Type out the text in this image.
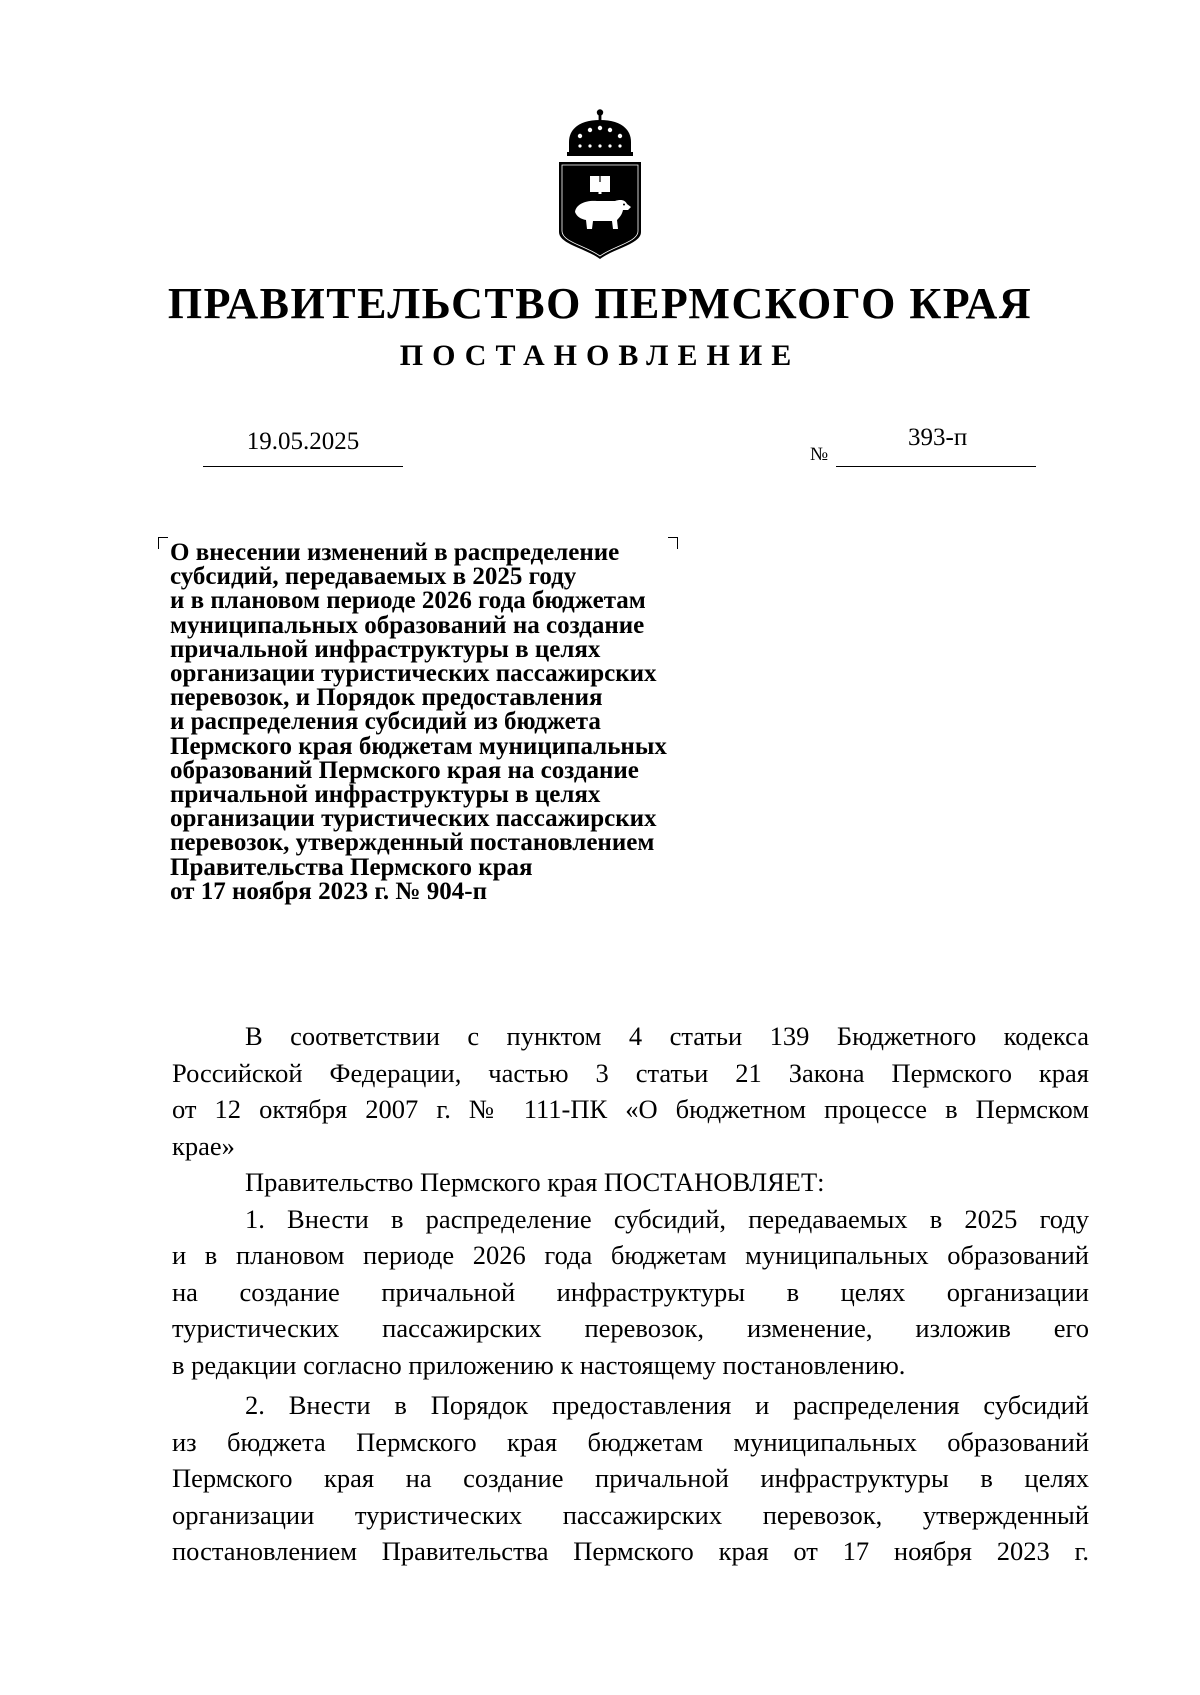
ПРАВИТЕЛЬСТВО ПЕРМСКОГО КРАЯ
ПОСТАНОВЛЕНИЕ
19.05.2025	№
393-п
О внесении изменений в распределение
субсидий, передаваемых в 2025 году
и в плановом периоде 2026 года бюджетам
муниципальных образований на создание
причальной инфраструктуры в целях
организации туристических пассажирских
перевозок, и Порядок предоставления
и распределения субсидий из бюджета
Пермского края бюджетам муниципальных
образований Пермского края на создание
причальной инфраструктуры в целях
организации туристических пассажирских
перевозок, утвержденный постановлением
Правительства Пермского края
от 17 ноября 2023 г. № 904-п
В соответствии с пунктом 4 статьи 139 Бюджетного кодекса
Российской Федерации, частью 3 статьи 21 Закона Пермского края
от 12 октября 2007 г. № 111-ПК «О бюджетном процессе в Пермском
крае»
Правительство Пермского края ПОСТАНОВЛЯЕТ:
1. Внести в распределение субсидий, передаваемых в 2025 году
и в плановом периоде 2026 года бюджетам муниципальных образований
на создание причальной инфраструктуры в целях организации
туристических пассажирских перевозок, изменение, изложив его
в редакции согласно приложению к настоящему постановлению.
2. Внести в Порядок предоставления и распределения субсидий
из бюджета Пермского края бюджетам муниципальных образований
Пермского края на создание причальной инфраструктуры в целях
организации туристических пассажирских перевозок, утвержденный
постановлением Правительства Пермского края от 17 ноября 2023 г.
